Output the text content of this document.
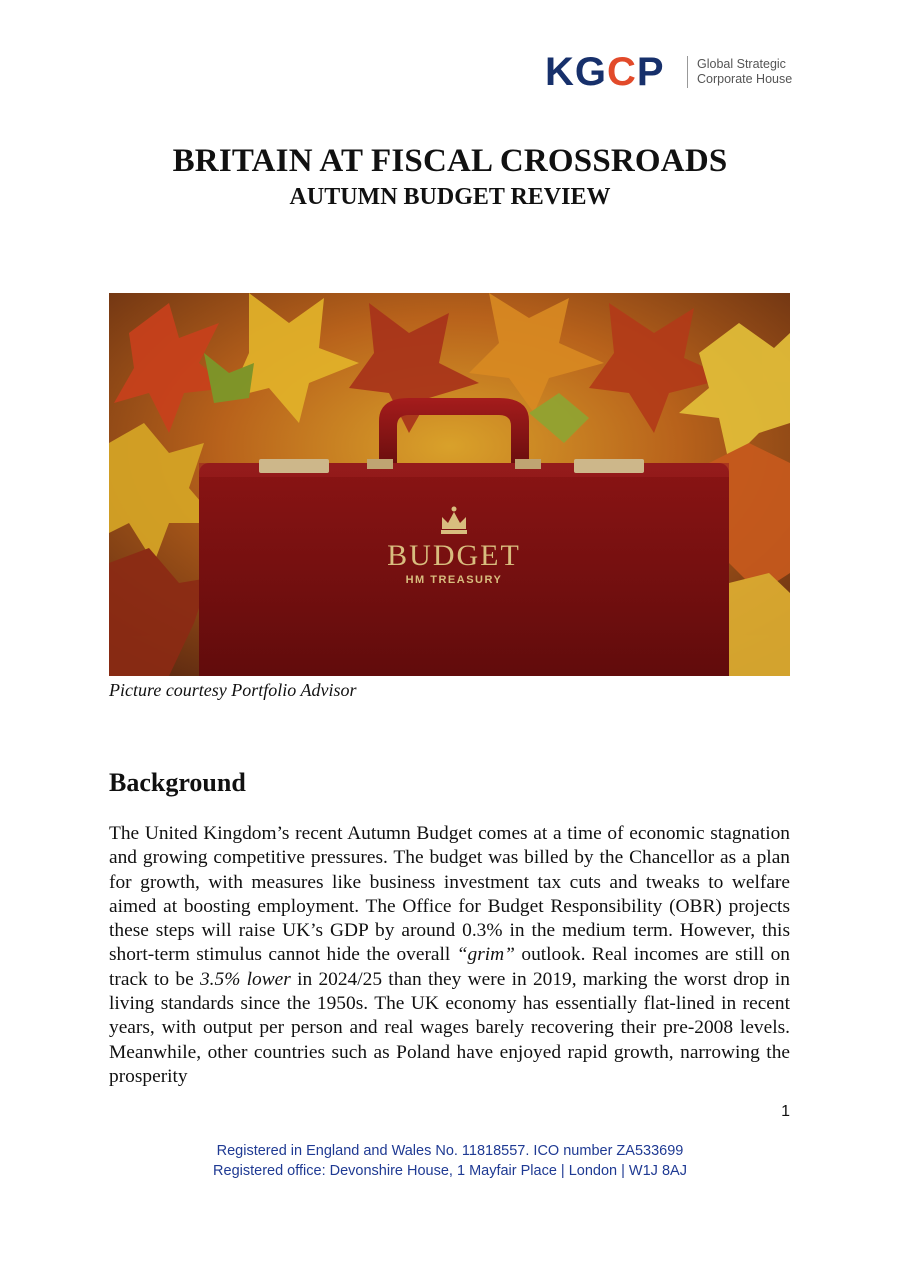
KGCP	Global Strategic
Corporate House
BRITAIN AT FISCAL CROSSROADS
AUTUMN BUDGET REVIEW
BUDGET
HM TREASURY
Picture courtesy Portfolio Advisor
Background

The United Kingdom’s recent Autumn Budget comes at a time of economic stagnation and growing competitive pressures. The budget was billed by the Chancellor as a plan for growth, with measures like business investment tax cuts and tweaks to welfare aimed at boosting employment. The Office for Budget Responsibility (OBR) projects these steps will raise UK’s GDP by around 0.3% in the medium term. However, this short-term stimulus cannot hide the overall “grim” outlook. Real incomes are still on track to be 3.5% lower in 2024/25 than they were in 2019, marking the worst drop in living standards since the 1950s. The UK economy has essentially flat-lined in recent years, with output per person and real wages barely recovering their pre-2008 levels. Meanwhile, other countries such as Poland have enjoyed rapid growth, narrowing the prosperity

1
Registered in England and Wales No. 11818557. ICO number ZA533699
Registered office: Devonshire House, 1 Mayfair Place | London | W1J 8AJ
